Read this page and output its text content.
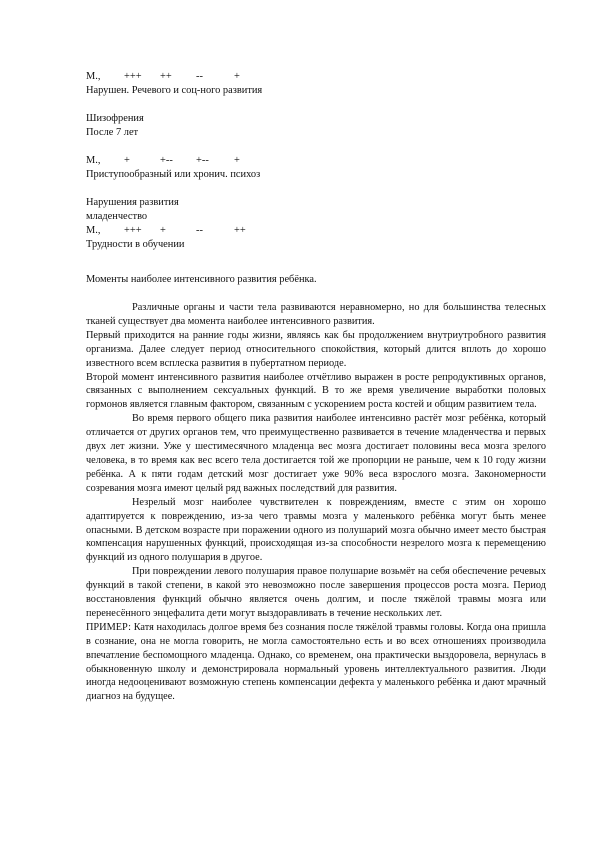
М.,	+++	++	--	+
Нарушен. Речевого и соц-ного развития
Шизофрения
После 7 лет
М.,	+	+--	+--	+
Приступообразный или хронич. психоз
Нарушения развития
младенчество
М.,	+++	+	--	++
Трудности в обучении
Моменты наиболее интенсивного развития ребёнка.
Различные органы и части тела развиваются неравномерно, но для большинства телесных тканей существует два момента наиболее интенсивного развития.
Первый приходится на ранние годы жизни, являясь как бы продолжением внутриутробного развития организма. Далее следует период относительного спокойствия, который длится вплоть до хорошо известного всем всплеска развития в пубертатном периоде.
Второй момент интенсивного развития наиболее отчётливо выражен в росте репродуктивных органов, связанных с выполнением сексуальных функций. В то же время увеличение выработки половых гормонов является главным фактором, связанным с ускорением роста костей и общим развитием тела.
Во время первого общего пика развития наиболее интенсивно растёт мозг ребёнка, который отличается от других органов тем, что преимущественно развивается в течение младенчества и первых двух лет жизни. Уже у шестимесячного младенца вес мозга достигает половины веса мозга зрелого человека, в то время как вес всего тела достигается той же пропорции не раньше, чем к 10 году жизни ребёнка. А к пяти годам детский мозг достигает уже 90% веса взрослого мозга. Закономерности созревания мозга имеют целый ряд важных последствий для развития.
Незрелый мозг наиболее чувствителен к повреждениям, вместе с этим он хорошо адаптируется к повреждению, из-за чего травмы мозга у маленького ребёнка могут быть менее опасными. В детском возрасте при поражении одного из полушарий мозга обычно имеет место быстрая компенсация нарушенных функций, происходящая из-за способности незрелого мозга к перемещению функций из одного полушария в другое.
При повреждении левого полушария правое полушарие возьмёт на себя обеспечение речевых функций в такой степени, в какой это невозможно после завершения процессов роста мозга. Период восстановления функций обычно является очень долгим, и после тяжёлой травмы мозга или перенесённого энцефалита дети могут выздоравливать в течение нескольких лет.
ПРИМЕР: Катя находилась долгое время без сознания после тяжёлой травмы головы. Когда она пришла в сознание, она не могла говорить, не могла самостоятельно есть и во всех отношениях производила впечатление беспомощного младенца. Однако, со временем, она практически выздоровела, вернулась в обыкновенную школу и демонстрировала нормальный уровень интеллектуального развития. Люди иногда недооценивают возможную степень компенсации дефекта у маленького ребёнка и дают мрачный диагноз на будущее.
